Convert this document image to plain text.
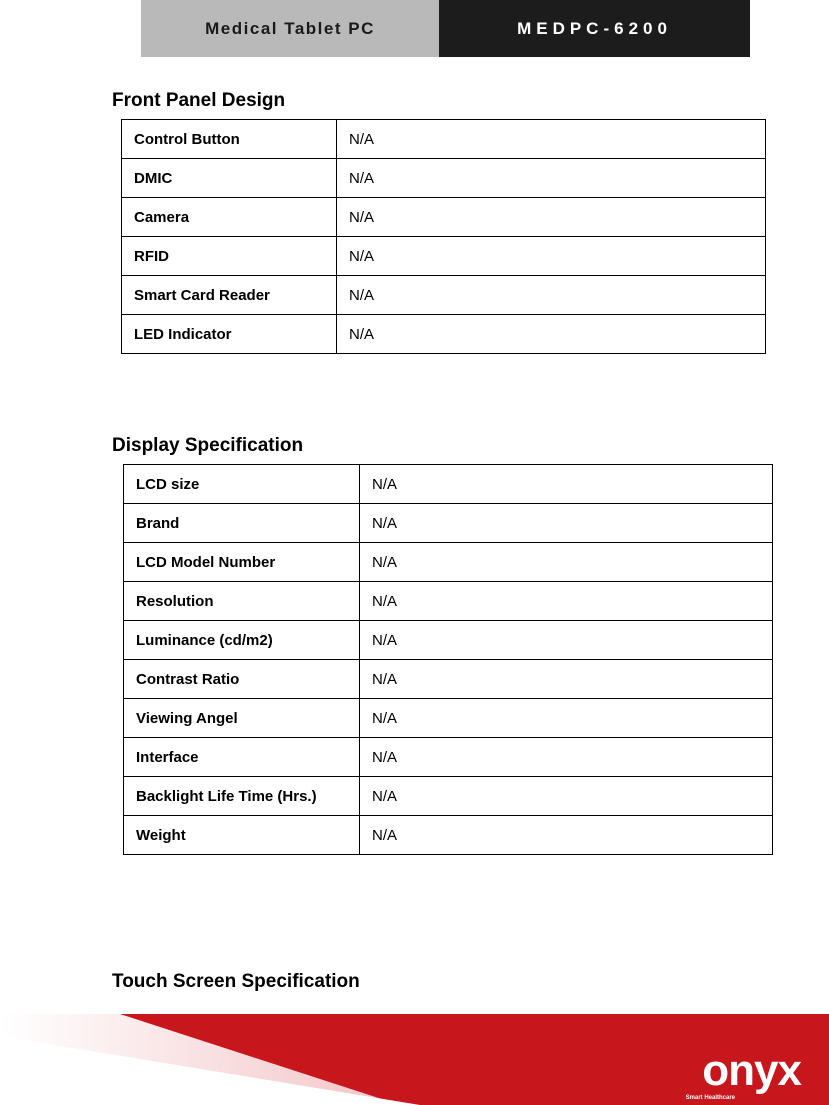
Medical Tablet PC	MEDPC-6200
Front Panel Design
Control Button	N/A
DMIC	N/A
Camera	N/A
RFID	N/A
Smart Card Reader	N/A
LED Indicator	N/A
Display Specification
LCD size	N/A
Brand	N/A
LCD Model Number	N/A
Resolution	N/A
Luminance (cd/m2)	N/A
Contrast Ratio	N/A
Viewing Angel	N/A
Interface	N/A
Backlight Life Time (Hrs.)	N/A
Weight	N/A
Touch Screen Specification
onyx
Smart Healthcare
